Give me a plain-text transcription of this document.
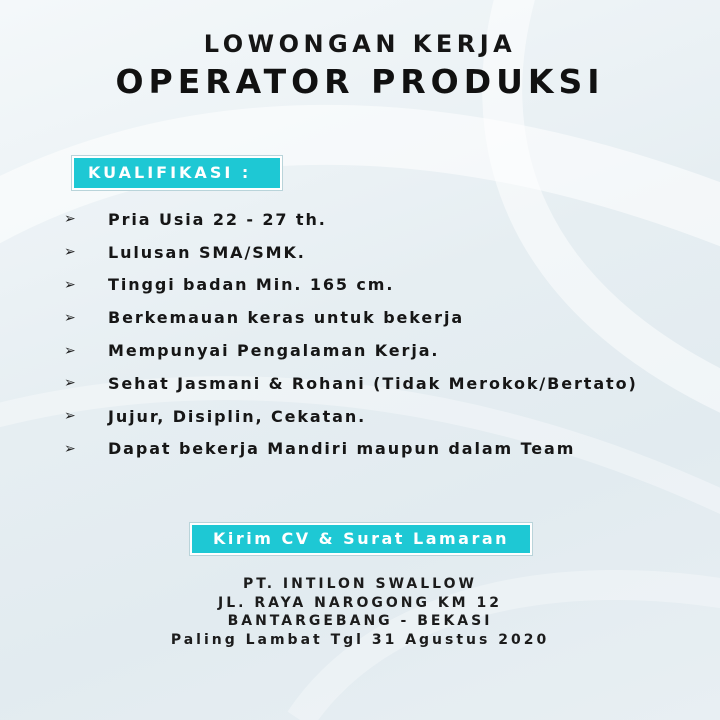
LOWONGAN KERJA
OPERATOR PRODUKSI
KUALIFIKASI :
➢	Pria Usia 22 - 27 th.
➢	Lulusan SMA/SMK.
➢	Tinggi badan Min. 165 cm.
➢	Berkemauan keras untuk bekerja
➢	Mempunyai Pengalaman Kerja.
➢	Sehat Jasmani & Rohani (Tidak Merokok/Bertato)
➢	Jujur, Disiplin, Cekatan.
➢	Dapat bekerja Mandiri maupun dalam Team
Kirim CV & Surat Lamaran
PT. INTILON SWALLOW
JL. RAYA NAROGONG KM 12
BANTARGEBANG - BEKASI
Paling Lambat Tgl 31 Agustus 2020
